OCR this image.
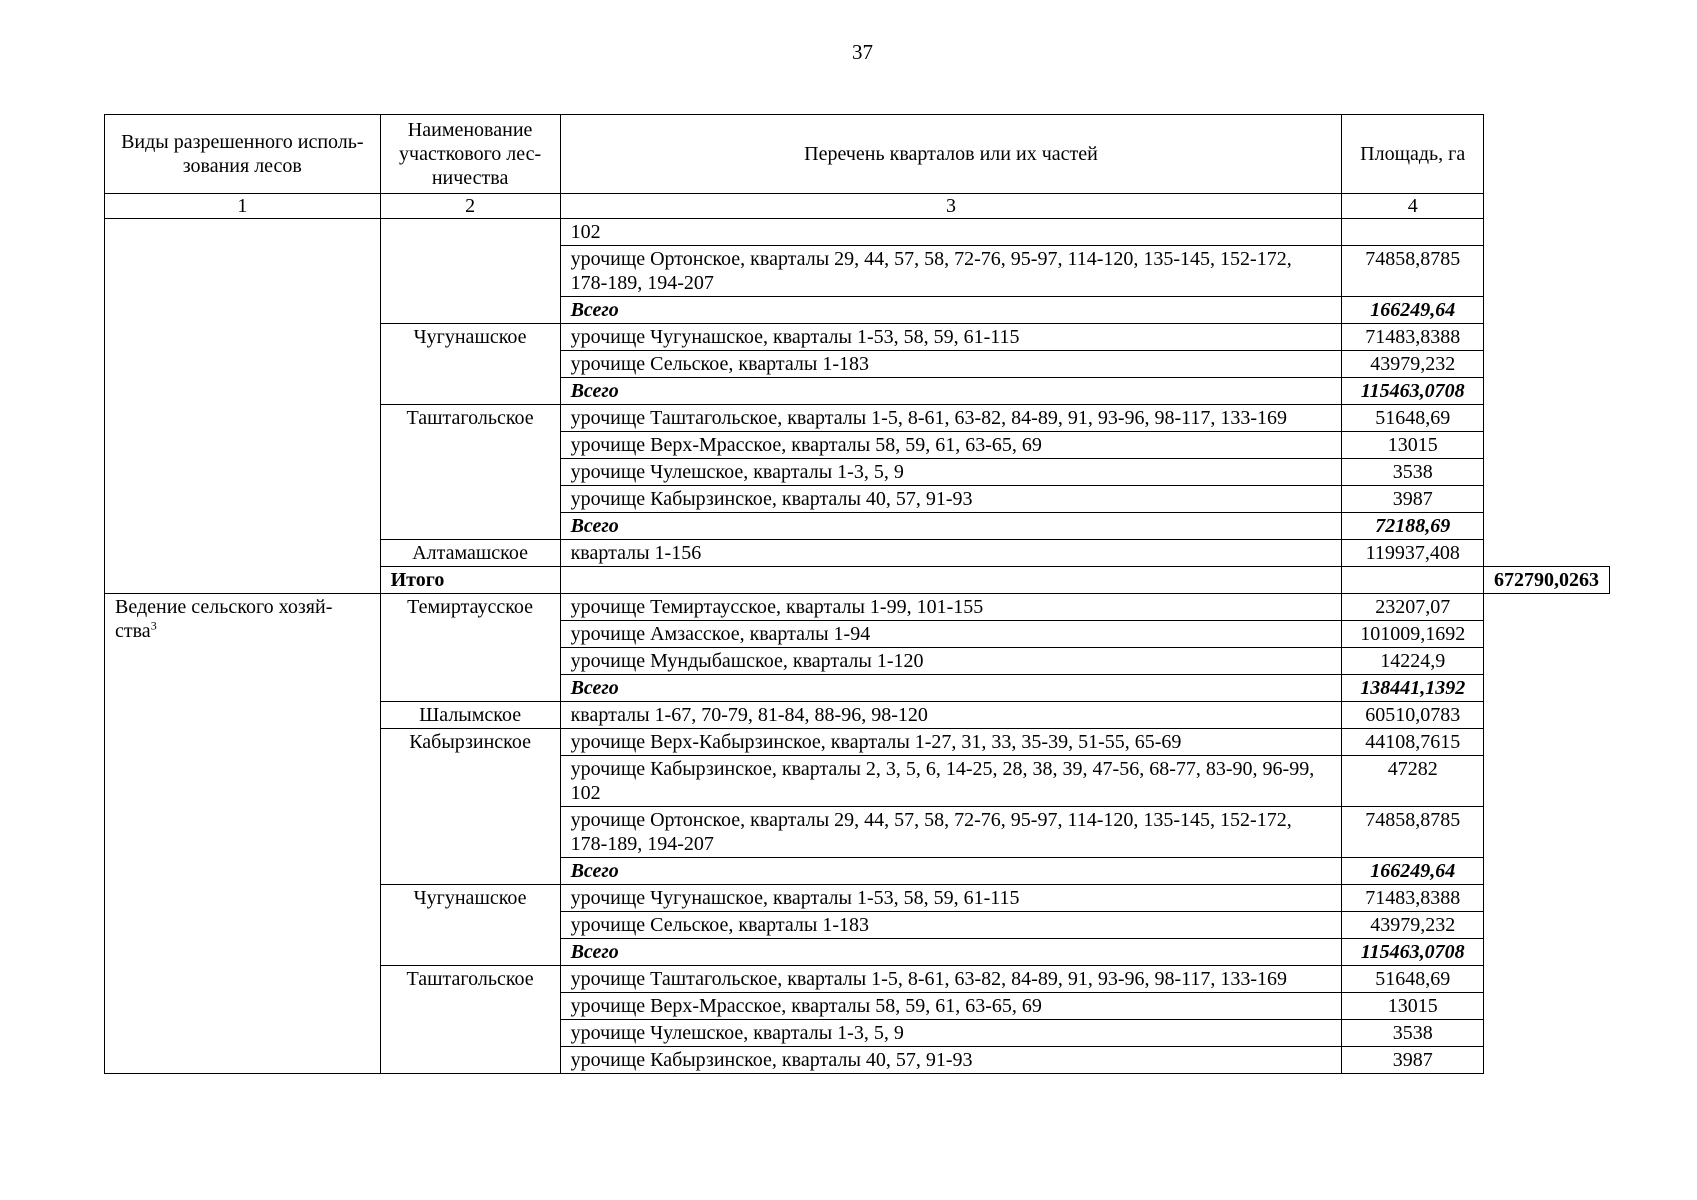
37
Виды разрешенного исполь-зования лесов	Наименование участкового лес-ничества	Перечень кварталов или их частей	Площадь, га	
1	2	3	4	
		102		
		урочище Ортонское, кварталы 29, 44, 57, 58, 72-76, 95-97, 114-120, 135-145, 152-172, 178-189, 194-207	74858,8785	
		Всего	166249,64	
	Чугунашское	урочище Чугунашское, кварталы 1-53, 58, 59, 61-115	71483,8388	
		урочище Сельское, кварталы 1-183	43979,232	
		Всего	115463,0708	
	Таштагольское	урочище Таштагольское, кварталы 1-5, 8-61, 63-82, 84-89, 91, 93-96, 98-117, 133-169	51648,69	
		урочище Верх-Мрасское, кварталы 58, 59, 61, 63-65, 69	13015	
		урочище Чулешское, кварталы 1-3, 5, 9	3538	
		урочище Кабырзинское, кварталы 40, 57, 91-93	3987	
		Всего	72188,69	
	Алтамашское	кварталы 1-156	119937,408	
	Итого			672790,0263
Ведение сельского хозяй-ства$^3$	Темиртаусское	урочище Темиртаусское, кварталы 1-99, 101-155	23207,07	
		урочище Амзасское, кварталы 1-94	101009,1692	
		урочище Мундыбашское, кварталы 1-120	14224,9	
		Всего	138441,1392	
	Шалымское	кварталы 1-67, 70-79, 81-84, 88-96, 98-120	60510,0783	
	Кабырзинское	урочище Верх-Кабырзинское, кварталы 1-27, 31, 33, 35-39, 51-55, 65-69	44108,7615	
		урочище Кабырзинское, кварталы 2, 3, 5, 6, 14-25, 28, 38, 39, 47-56, 68-77, 83-90, 96-99, 102	47282	
		урочище Ортонское, кварталы 29, 44, 57, 58, 72-76, 95-97, 114-120, 135-145, 152-172, 178-189, 194-207	74858,8785	
		Всего	166249,64	
	Чугунашское	урочище Чугунашское, кварталы 1-53, 58, 59, 61-115	71483,8388	
		урочище Сельское, кварталы 1-183	43979,232	
		Всего	115463,0708	
	Таштагольское	урочище Таштагольское, кварталы 1-5, 8-61, 63-82, 84-89, 91, 93-96, 98-117, 133-169	51648,69	
		урочище Верх-Мрасское, кварталы 58, 59, 61, 63-65, 69	13015	
		урочище Чулешское, кварталы 1-3, 5, 9	3538	
		урочище Кабырзинское, кварталы 40, 57, 91-93	3987	
